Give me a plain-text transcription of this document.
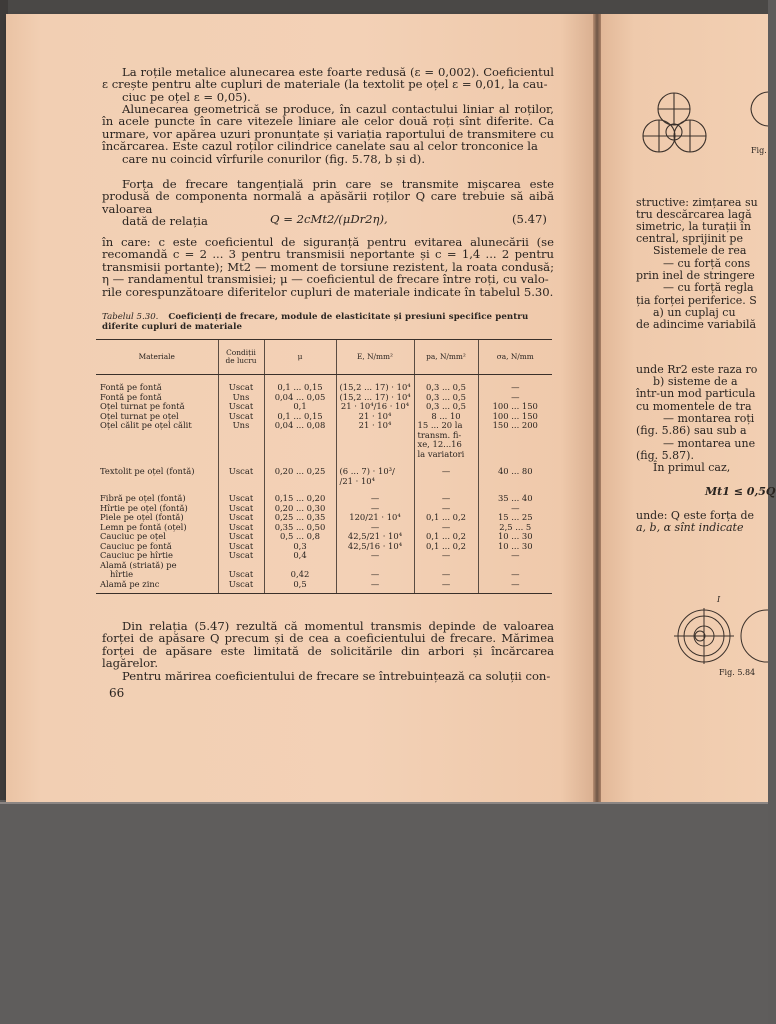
La roțile metalice alunecarea este foarte redusă (ε = 0,002). Coeficientul ε crește pentru alte cupluri de materiale (la textolit pe oțel ε = 0,01, la cau-
ciuc pe oțel ε = 0,05).

Alunecarea geometrică se produce, în cazul contactului liniar al roților, în acele puncte în care vitezele liniare ale celor două roți sînt diferite. Ca urmare, vor apărea uzuri pronunțate și variația raportului de transmitere cu încărcarea. Este cazul roților cilindrice canelate sau al celor tronconice la
care nu coincid vîrfurile conurilor (fig. 5.78, b și d).

Forța de frecare tangențială prin care se transmite mișcarea este produsă de componenta normală a apăsării roților Q care trebuie să aibă valoarea
dată de relația	Q = 2cMt2/(μDr2η),	(5.47)

în care: c este coeficientul de siguranță pentru evitarea alunecării (se recomandă c = 2 ... 3 pentru transmisii neportante și c = 1,4 ... 2 pentru transmisii portante); Mt2 — moment de torsiune rezistent, la roata condusă; η — randamentul transmisiei; μ — coeficientul de frecare între roți, cu valo-
rile corespunzătoare diferitelor cupluri de materiale indicate în tabelul 5.30.

Tabelul 5.30. Coeficienți de frecare, module de elasticitate și presiuni specifice pentru diferite cupluri de materiale
Materiale	Condiții de lucru	μ	E, N/mm²	pa, N/mm²	σa, N/mm

Fontă pe fontă	Uscat	0,1 ... 0,15	(15,2 ... 17) · 10⁴	0,3 ... 0,5	—
Fontă pe fontă	Uns	0,04 ... 0,05	(15,2 ... 17) · 10⁴	0,3 ... 0,5	—
Oțel turnat pe fontă	Uscat	0,1	21 · 10⁴/16 · 10⁴	0,3 ... 0,5	100 ... 150
Oțel turnat pe oțel	Uscat	0,1 ... 0,15	21 · 10⁴	8 ... 10	100 ... 150
Oțel călit pe oțel călit	Uns	0,04 ... 0,08	21 · 10⁴	15 ... 20 la	150 ... 200
				transm. fi-	
				xe, 12...16	
				la variatori	

Textolit pe oțel (fontă)	Uscat	0,20 ... 0,25	(6 ... 7) · 10³/	—	40 ... 80
			/21 · 10⁴		

Fibră pe oțel (fontă)	Uscat	0,15 ... 0,20	—	—	35 ... 40
Hîrtie pe oțel (fontă)	Uscat	0,20 ... 0,30	—	—	—
Piele pe oțel (fontă)	Uscat	0,25 ... 0,35	120/21 · 10⁴	0,1 ... 0,2	15 ... 25
Lemn pe fontă (oțel)	Uscat	0,35 ... 0,50	—	—	2,5 ... 5
Cauciuc pe oțel	Uscat	0,5 ... 0,8	42,5/21 · 10⁴	0,1 ... 0,2	10 ... 30
Cauciuc pe fontă	Uscat	0,3	42,5/16 · 10⁴	0,1 ... 0,2	10 ... 30
Cauciuc pe hîrtie	Uscat	0,4	—	—	—
Alamă (striată) pe					
hîrtie	Uscat	0,42	—	—	—
Alamă pe zinc	Uscat	0,5	—	—	—

Din relația (5.47) rezultă că momentul transmis depinde de valoarea forței de apăsare Q precum și de cea a coeficientului de frecare. Mărimea forței de apăsare este limitată de solicitările din arbori și încărcarea lagărelor.
Pentru mărirea coeficientului de frecare se întrebuințează ca soluții con-

66
Fig.
structive: zimțarea su
tru descărcarea lagă
simetric, la turații în
central, sprijinit pe
Sistemele de rea
— cu forță cons
prin inel de stringere
— cu forță regla
ția forței periferice. S
a) un cuplaj cu
de adincime variabilă
unde Rr2 este raza ro
b) sisteme de a
într-un mod particula
cu momentele de tra
— montarea roți
(fig. 5.86) sau sub a
— montarea une
(fig. 5.87).
În primul caz,
Mt1 ≤ 0,5Q
unde: Q este forța de
a, b, α sînt indicate
I
Fig. 5.84
